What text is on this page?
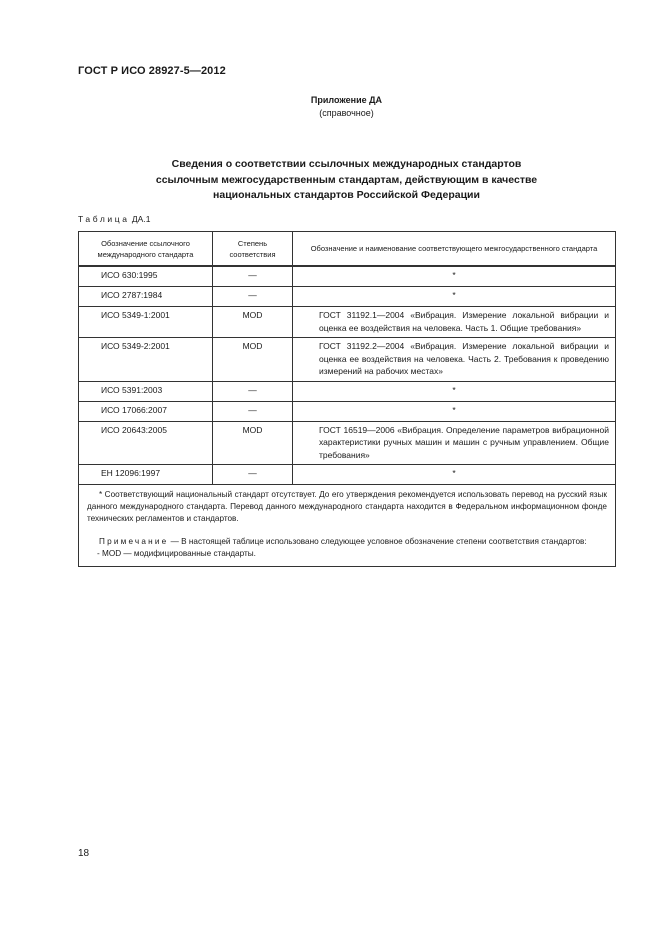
ГОСТ Р ИСО 28927-5—2012
Приложение ДА
(справочное)
Сведения о соответствии ссылочных международных стандартов
ссылочным межгосударственным стандартам, действующим в качестве
национальных стандартов Российской Федерации
Таблица ДА.1
Обозначение ссылочного международного стандарта	Степень соответствия	Обозначение и наименование соответствующего межгосударственного стандарта
ИСО 630:1995	—	*
ИСО 2787:1984	—	*
ИСО 5349-1:2001	MOD	ГОСТ 31192.1—2004 «Вибрация. Измерение локальной вибрации и оценка ее воздействия на человека. Часть 1. Общие требования»

ИСО 5349-2:2001	MOD	ГОСТ 31192.2—2004 «Вибрация. Измерение локальной вибрации и оценка ее воздействия на человека. Часть 2. Требования к проведению измерений на рабочих местах»

ИСО 5391:2003	—	*
ИСО 17066:2007	—	*
ИСО 20643:2005	MOD	ГОСТ 16519—2006 «Вибрация. Определение параметров вибрационной характеристики ручных машин и машин с ручным управлением. Общие требования»

ЕН 12096:1997	—	*

* Соответствующий национальный стандарт отсутствует. До его утверждения рекомендуется использовать перевод на русский язык данного международного стандарта. Перевод данного международного стандарта находится в Федеральном информационном фонде технических регламентов и стандартов.

Примечание — В настоящей таблице использовано следующее условное обозначение степени соответствия стандартов:

- MOD — модифицированные стандарты.		

18
